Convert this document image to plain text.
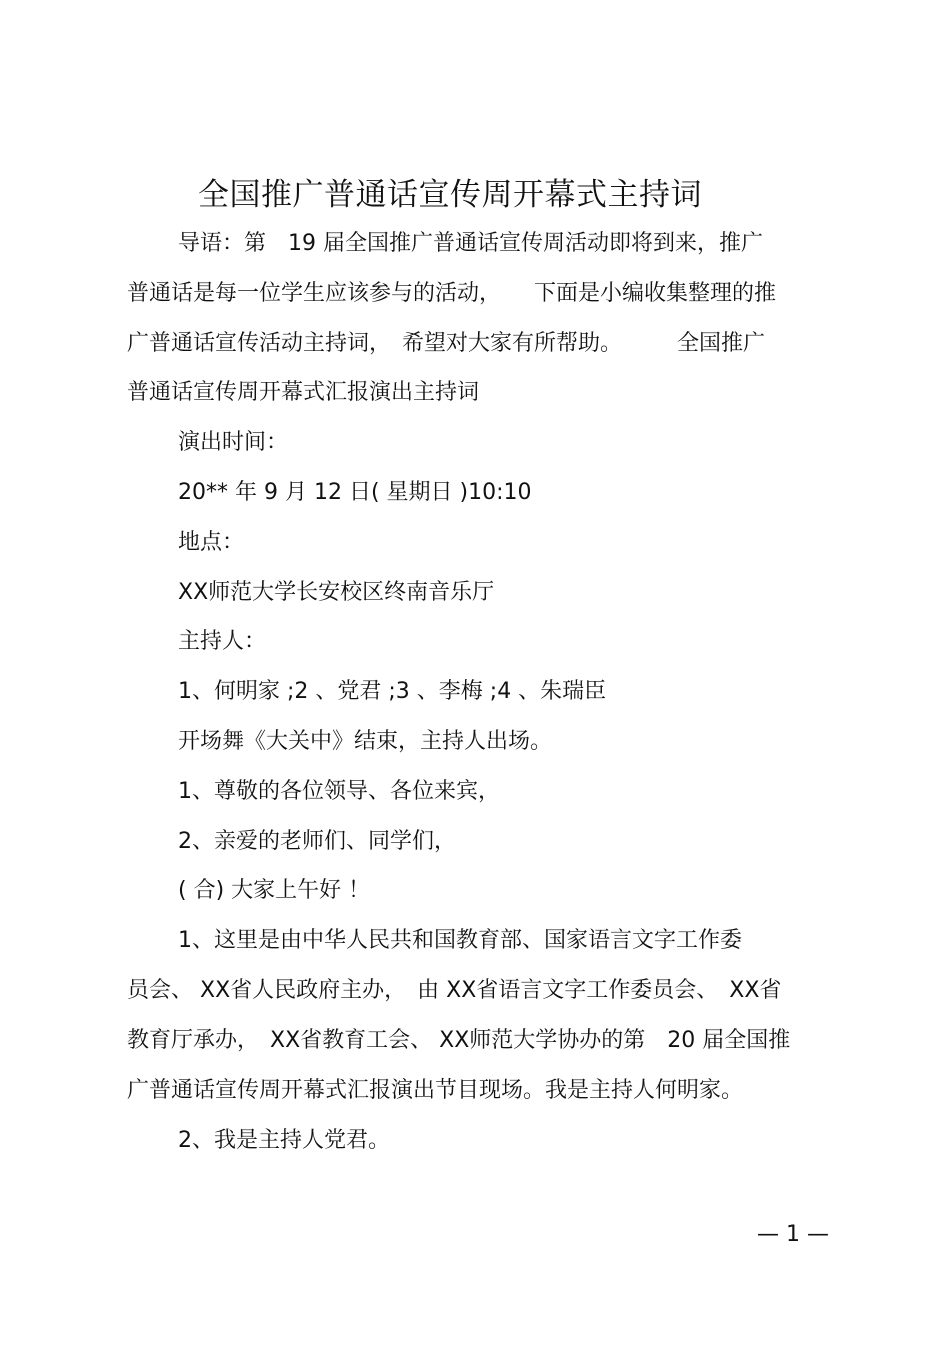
全国推广普通话宣传周开幕式主持词
导语：第　19 届全国推广普通话宣传周活动即将到来，推广
普通话是每一位学生应该参与的活动，　　下面是小编收集整理的推
广普通话宣传活动主持词，　希望对大家有所帮助。　　　全国推广
普通话宣传周开幕式汇报演出主持词
演出时间：
20** 年 9 月 12 日( 星期日 )10:10
地点：
XX师范大学长安校区终南音乐厅
主持人：
1、何明家 ;2 、党君 ;3 、李梅 ;4 、朱瑞臣
开场舞《大关中》结束，主持人出场。
1、尊敬的各位领导、各位来宾，
2、亲爱的老师们、同学们，
( 合) 大家上午好 ！
1、这里是由中华人民共和国教育部、国家语言文字工作委
员会、 XX省人民政府主办，　由 XX省语言文字工作委员会、　XX省
教育厅承办，　XX省教育工会、 XX师范大学协办的第　20 届全国推
广普通话宣传周开幕式汇报演出节目现场。我是主持人何明家。
2、我是主持人党君。
— 1 —
